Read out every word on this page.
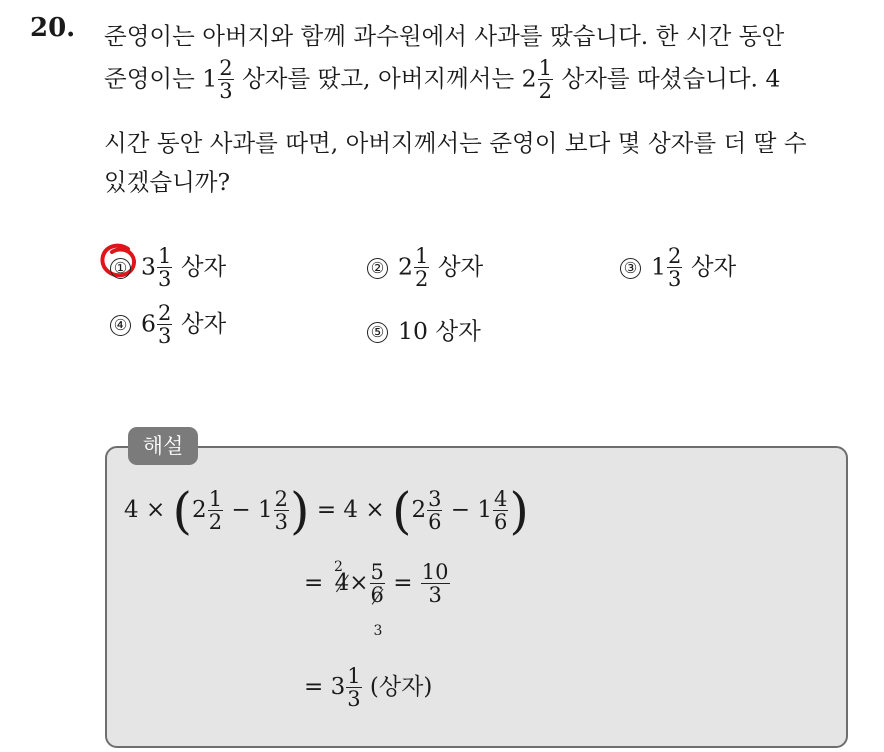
20. 준영이는 아버지와 함께 과수원에서 사과를 땄습니다. 한 시간 동안
준영이는 $1 \frac{2}{3}$ 상자를 땄고, 아버지께서는 $2 \frac{1}{2}$ 상자를 따셨습니다. 4
시간 동안 사과를 따면, 아버지께서는 준영이 보다 몇 상자를 더 딸 수
있겠습니까?
① $3 \frac{1}{3}$ 상자	② $2 \frac{1}{2}$ 상자	③ $1 \frac{2}{3}$ 상자
④ $6 \frac{2}{3}$ 상자	⑤ 10 상자
해설
$4 \times (2 \frac{1}{2} - 1 \frac{2}{3}$ ) = $4 \times (2 \frac{3}{6} - 1 \frac{4}{6}$ )
= 4
2
× 5
6
3
= $\frac{10}{3}$
= $3 \frac{1}{3}$ (상자)
